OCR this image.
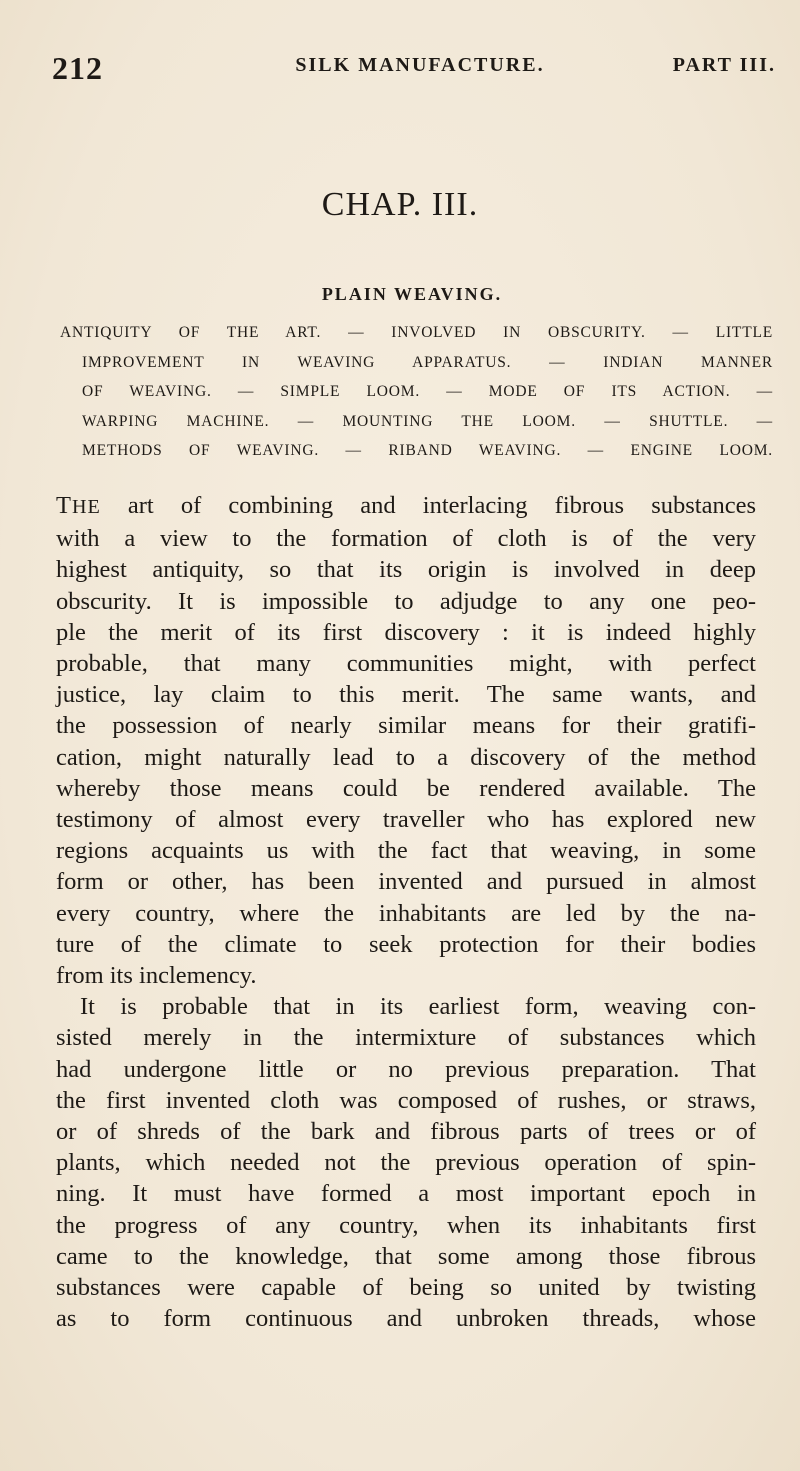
212	SILK MANUFACTURE.	PART III.
CHAP. III.
PLAIN WEAVING.
ANTIQUITY OF THE ART. — INVOLVED IN OBSCURITY. — LITTLE
IMPROVEMENT IN WEAVING APPARATUS. — INDIAN MANNER
OF WEAVING. — SIMPLE LOOM. — MODE OF ITS ACTION. —
WARPING MACHINE. — MOUNTING THE LOOM. — SHUTTLE. —
METHODS OF WEAVING. — RIBAND WEAVING. — ENGINE LOOM.
THE art of combining and interlacing fibrous substances
with a view to the formation of cloth is of the very
highest antiquity, so that its origin is involved in deep
obscurity. It is impossible to adjudge to any one peo-
ple the merit of its first discovery : it is indeed highly
probable, that many communities might, with perfect
justice, lay claim to this merit. The same wants, and
the possession of nearly similar means for their gratifi-
cation, might naturally lead to a discovery of the method
whereby those means could be rendered available. The
testimony of almost every traveller who has explored new
regions acquaints us with the fact that weaving, in some
form or other, has been invented and pursued in almost
every country, where the inhabitants are led by the na-
ture of the climate to seek protection for their bodies
from its inclemency.
It is probable that in its earliest form, weaving con-
sisted merely in the intermixture of substances which
had undergone little or no previous preparation. That
the first invented cloth was composed of rushes, or straws,
or of shreds of the bark and fibrous parts of trees or of
plants, which needed not the previous operation of spin-
ning. It must have formed a most important epoch in
the progress of any country, when its inhabitants first
came to the knowledge, that some among those fibrous
substances were capable of being so united by twisting
as to form continuous and unbroken threads, whose
